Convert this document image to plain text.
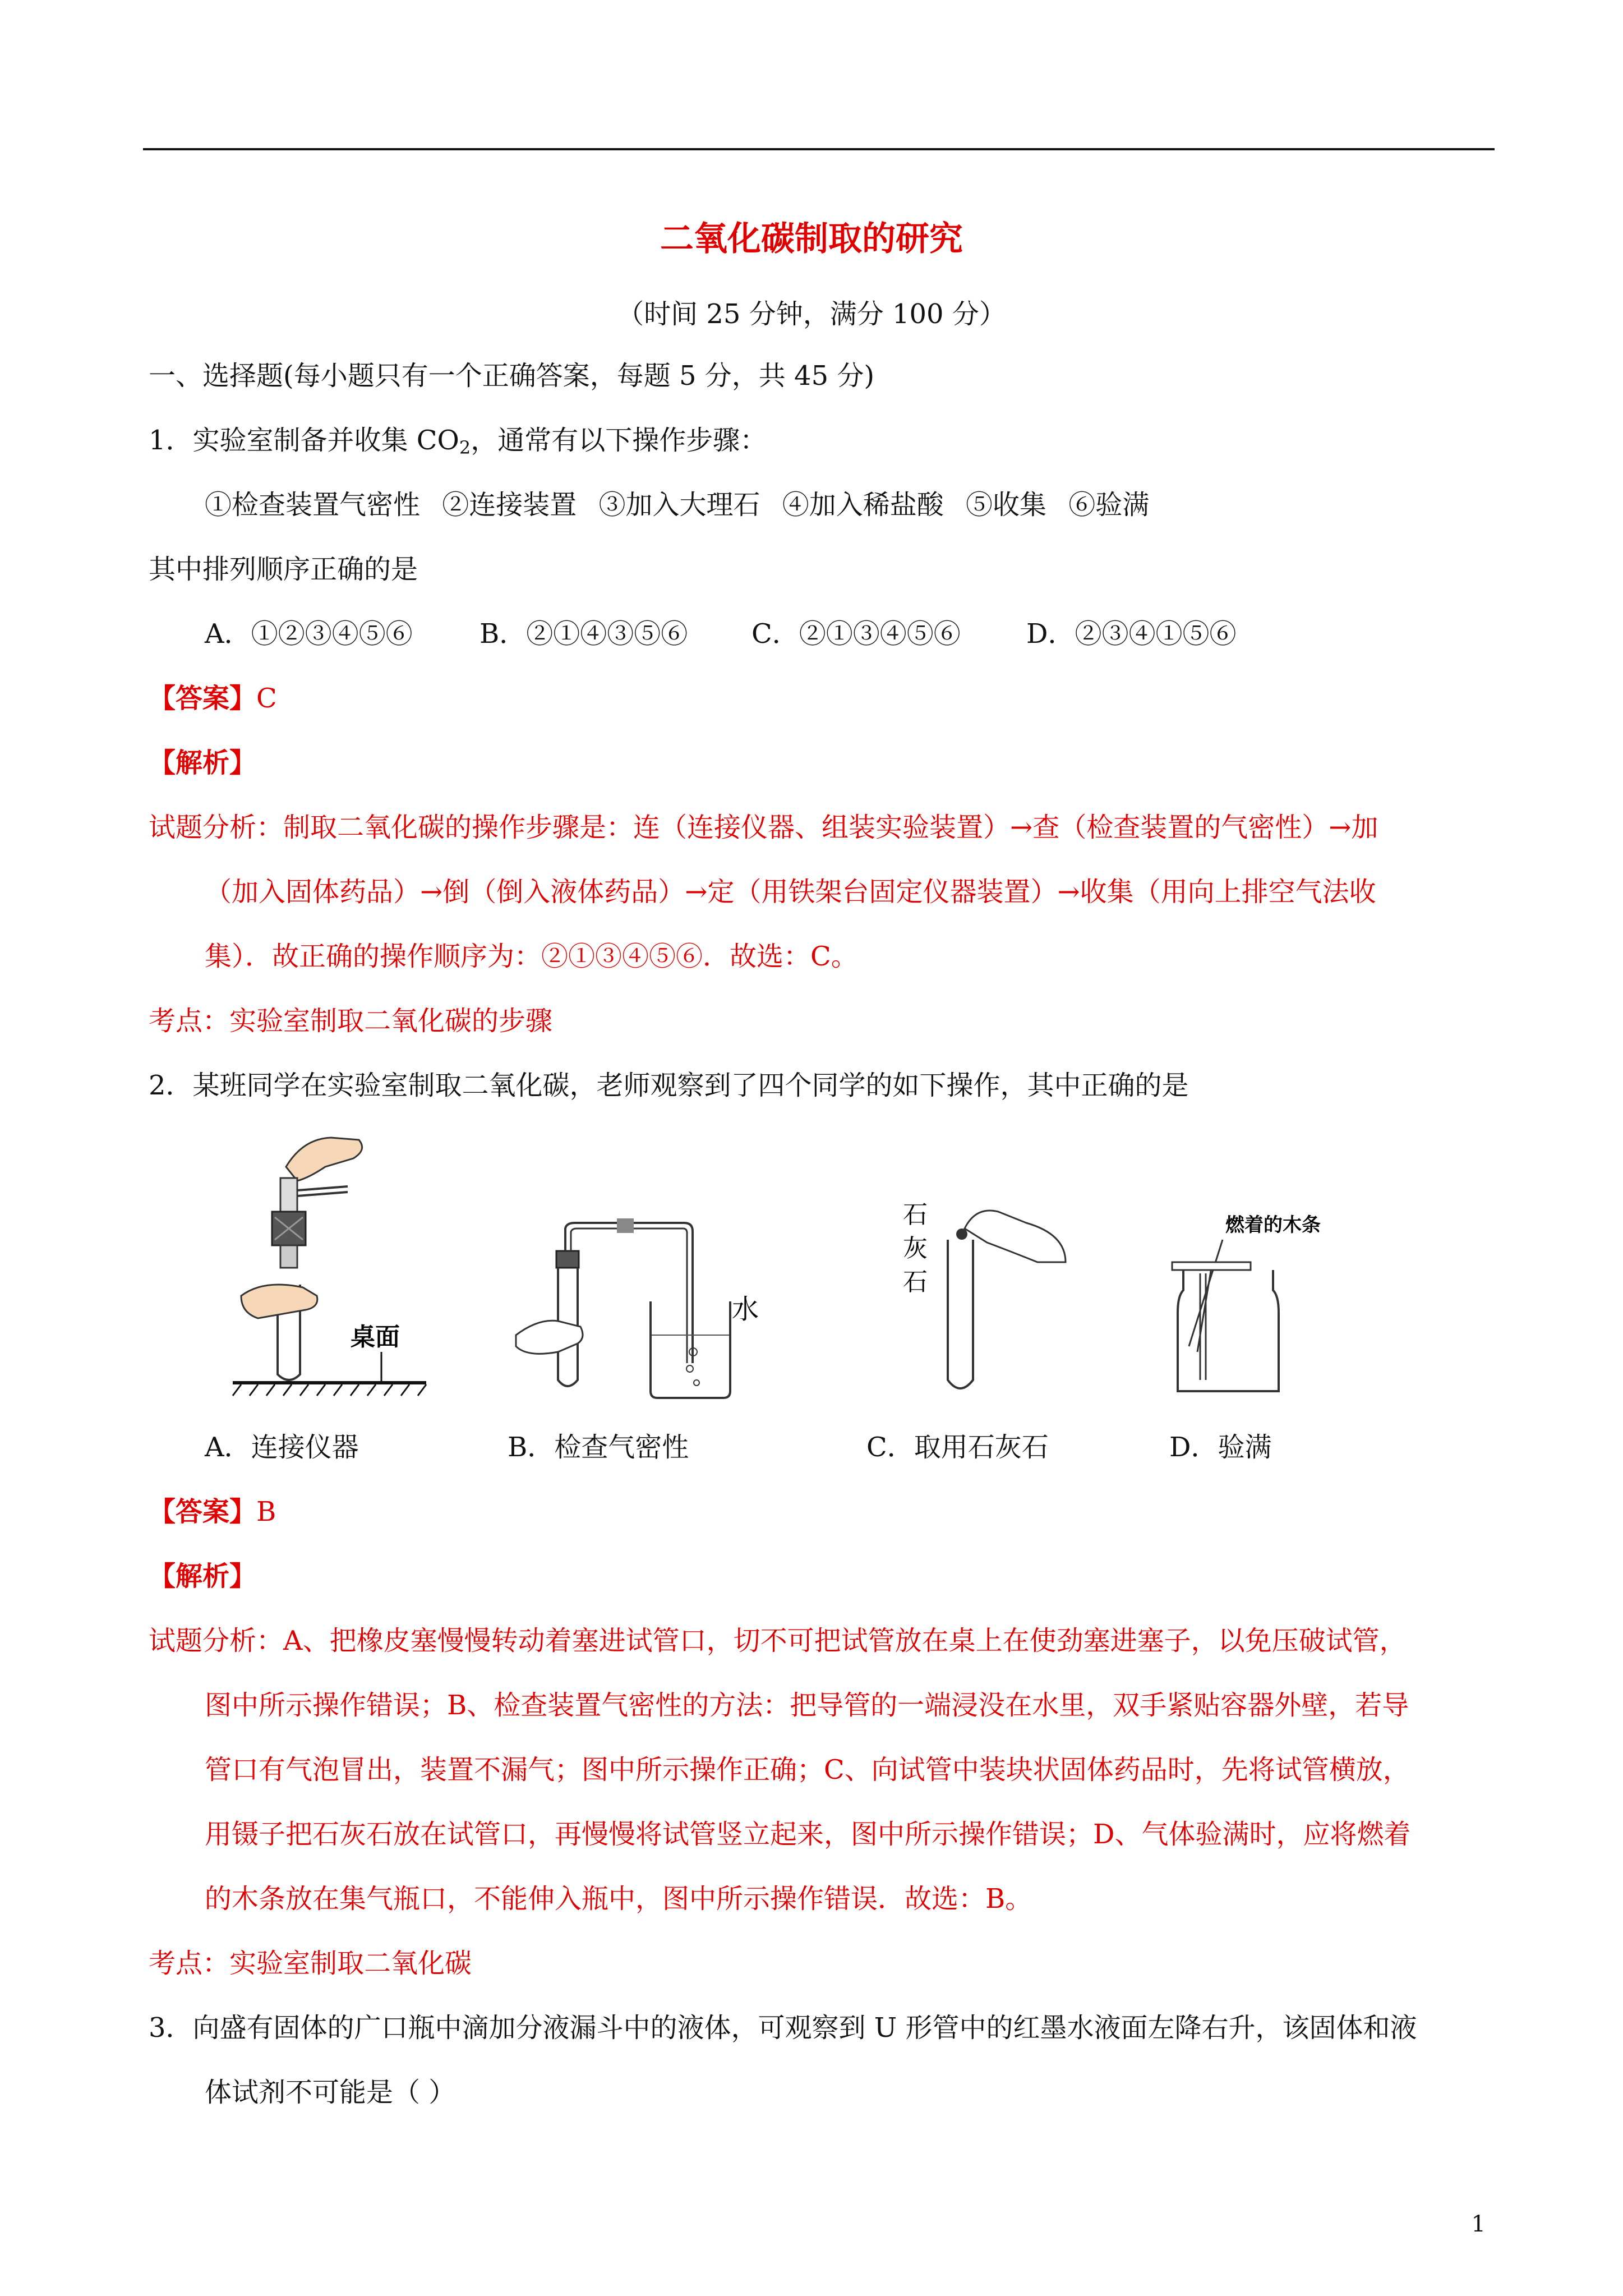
二氧化碳制取的研究
（时间 25 分钟，满分 100 分）
一、选择题(每小题只有一个正确答案，每题 5 分，共 45 分)
1．实验室制备并收集 $CO_2$，通常有以下操作步骤：
①检查装置气密性 ②连接装置 ③加入大理石 ④加入稀盐酸 ⑤收集 ⑥验满
其中排列顺序正确的是
A．①②③④⑤⑥ B．②①④③⑤⑥ C．②①③④⑤⑥ D．②③④①⑤⑥
【答案】C
【解析】
试题分析：制取二氧化碳的操作步骤是：连（连接仪器、组装实验装置）→查（检查装置的气密性）→加
（加入固体药品）→倒（倒入液体药品）→定（用铁架台固定仪器装置）→收集（用向上排空气法收
集）．故正确的操作顺序为：②①③④⑤⑥．故选：C。
考点：实验室制取二氧化碳的步骤
2．某班同学在实验室制取二氧化碳，老师观察到了四个同学的如下操作，其中正确的是
桌面
水
石
灰
石
燃着的木条
A．连接仪器	B．检查气密性	C．取用石灰石	D．验满
【答案】B
【解析】
试题分析：A、把橡皮塞慢慢转动着塞进试管口，切不可把试管放在桌上在使劲塞进塞子，以免压破试管，
图中所示操作错误；B、检查装置气密性的方法：把导管的一端浸没在水里，双手紧贴容器外壁，若导
管口有气泡冒出，装置不漏气；图中所示操作正确；C、向试管中装块状固体药品时，先将试管横放，
用镊子把石灰石放在试管口，再慢慢将试管竖立起来，图中所示操作错误；D、气体验满时，应将燃着
的木条放在集气瓶口，不能伸入瓶中，图中所示操作错误．故选：B。
考点：实验室制取二氧化碳
3．向盛有固体的广口瓶中滴加分液漏斗中的液体，可观察到 U 形管中的红墨水液面左降右升，该固体和液
体试剂不可能是（ ）
1
